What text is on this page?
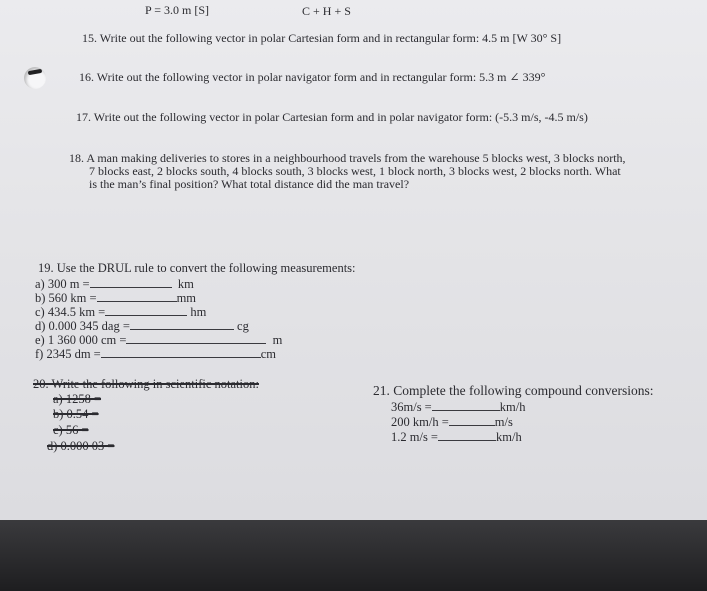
P = 3.0 m [S]	C + H + S
15. Write out the following vector in polar Cartesian form and in rectangular form: 4.5 m [W 30° S]
16. Write out the following vector in polar navigator form and in rectangular form: 5.3 m ∠ 339°
17. Write out the following vector in polar Cartesian form and in polar navigator form: (-5.3 m/s, -4.5 m/s)
18. A man making deliveries to stores in a neighbourhood travels from the warehouse 5 blocks west, 3 blocks north,
7 blocks east, 2 blocks south, 4 blocks south, 3 blocks west, 1 block north, 3 blocks west, 2 blocks north. What
is the man’s final position? What total distance did the man travel?
19. Use the DRUL rule to convert the following measurements:
a) 300 m =	km
b) 560 km =	mm
c) 434.5 km =	hm
d) 0.000 345 dag =	cg
e) 1 360 000 cm =	m
f) 2345 dm =	cm
20. Write the following in scientific notation:
a) 1258 =
b) 0.54 =
c) 56 =
d) 0.000 03 =
21. Complete the following compound conversions:
36m/s =	km/h
200 km/h =	m/s
1.2 m/s =	km/h
